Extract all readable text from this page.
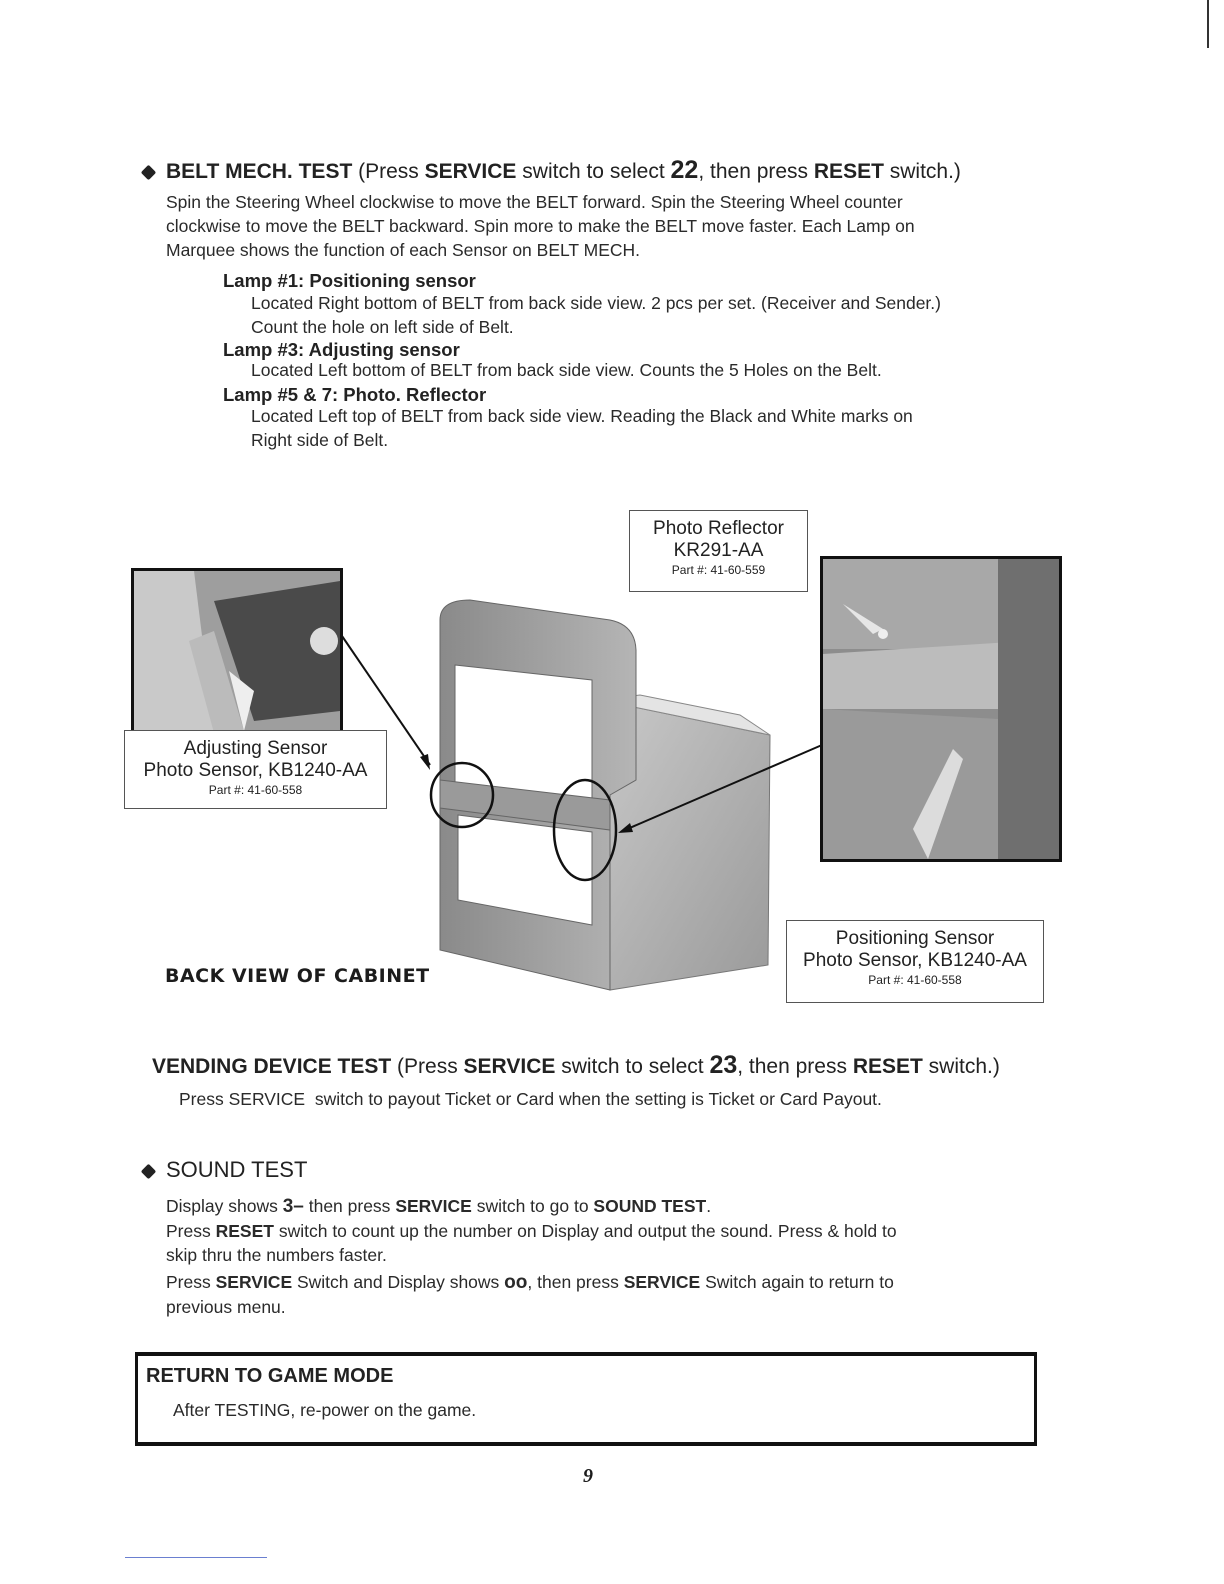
BELT MECH. TEST (Press SERVICE switch to select 22, then press RESET switch.)
Spin the Steering Wheel clockwise to move the BELT forward. Spin the Steering Wheel counter
clockwise to move the BELT backward. Spin more to make the BELT move faster. Each Lamp on
Marquee shows the function of each Sensor on BELT MECH.
Lamp #1: Positioning sensor
Located Right bottom of BELT from back side view. 2 pcs per set. (Receiver and Sender.)
Count the hole on left side of Belt.
Lamp #3: Adjusting sensor
Located Left bottom of BELT from back side view. Counts the 5 Holes on the Belt.
Lamp #5 & 7: Photo. Reflector
Located Left top of BELT from back side view. Reading the Black and White marks on
Right side of Belt.
Photo Reflector
KR291-AA
Part #: 41-60-559
Adjusting Sensor
Photo Sensor, KB1240-AA
Part #: 41-60-558
Positioning Sensor
Photo Sensor, KB1240-AA
Part #: 41-60-558
BACK VIEW OF CABINET
VENDING DEVICE TEST (Press SERVICE switch to select 23, then press RESET switch.)
Press SERVICE  switch to payout Ticket or Card when the setting is Ticket or Card Payout.
SOUND TEST
Display shows 3– then press SERVICE switch to go to SOUND TEST.
Press RESET switch to count up the number on Display and output the sound. Press & hold to
skip thru the numbers faster.
Press SERVICE Switch and Display shows oo, then press SERVICE Switch again to return to
previous menu.
RETURN TO GAME MODE
After TESTING, re-power on the game.
9
